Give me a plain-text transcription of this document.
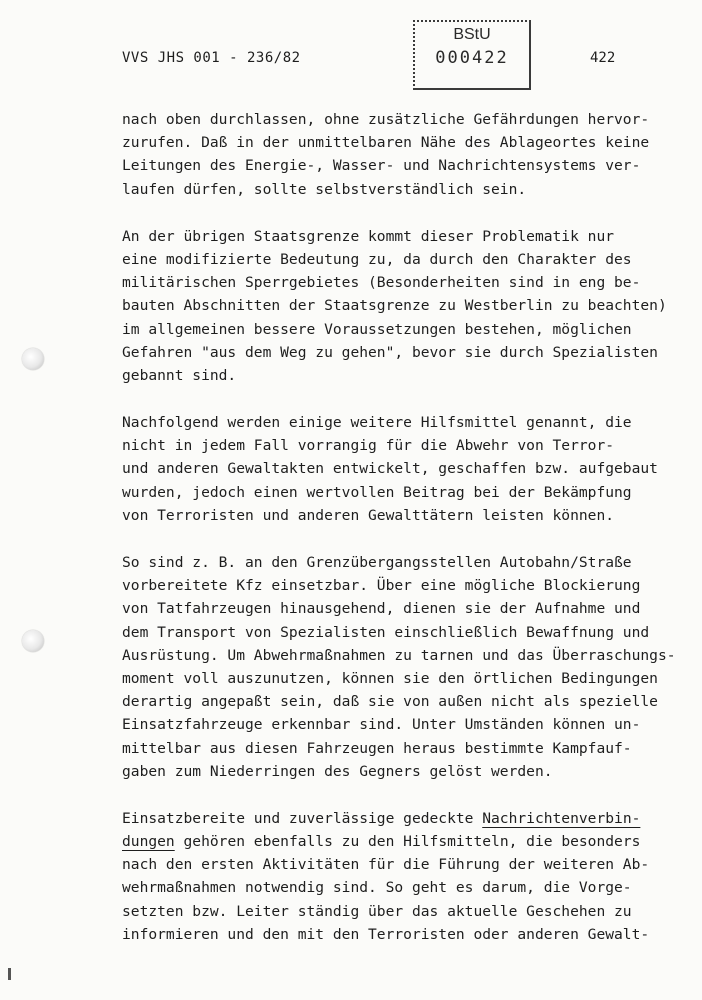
VVS JHS 001 - 236/82
BStU
000422	422
nach oben durchlassen, ohne zusätzliche Gefährdungen hervor-
zurufen. Daß in der unmittelbaren Nähe des Ablageortes keine
Leitungen des Energie-, Wasser- und Nachrichtensystems ver-
laufen dürfen, sollte selbstverständlich sein.
An der übrigen Staatsgrenze kommt dieser Problematik nur
eine modifizierte Bedeutung zu, da durch den Charakter des
militärischen Sperrgebietes (Besonderheiten sind in eng be-
bauten Abschnitten der Staatsgrenze zu Westberlin zu beachten)
im allgemeinen bessere Voraussetzungen bestehen, möglichen
Gefahren "aus dem Weg zu gehen", bevor sie durch Spezialisten
gebannt sind.
Nachfolgend werden einige weitere Hilfsmittel genannt, die
nicht in jedem Fall vorrangig für die Abwehr von Terror-
und anderen Gewaltakten entwickelt, geschaffen bzw. aufgebaut
wurden, jedoch einen wertvollen Beitrag bei der Bekämpfung
von Terroristen und anderen Gewalttätern leisten können.
So sind z. B. an den Grenzübergangsstellen Autobahn/Straße
vorbereitete Kfz einsetzbar. Über eine mögliche Blockierung
von Tatfahrzeugen hinausgehend, dienen sie der Aufnahme und
dem Transport von Spezialisten einschließlich Bewaffnung und
Ausrüstung. Um Abwehrmaßnahmen zu tarnen und das Überraschungs-
moment voll auszunutzen, können sie den örtlichen Bedingungen
derartig angepaßt sein, daß sie von außen nicht als spezielle
Einsatzfahrzeuge erkennbar sind. Unter Umständen können un-
mittelbar aus diesen Fahrzeugen heraus bestimmte Kampfauf-
gaben zum Niederringen des Gegners gelöst werden.
Einsatzbereite und zuverlässige gedeckte Nachrichtenverbin-
dungen gehören ebenfalls zu den Hilfsmitteln, die besonders
nach den ersten Aktivitäten für die Führung der weiteren Ab-
wehrmaßnahmen notwendig sind. So geht es darum, die Vorge-
setzten bzw. Leiter ständig über das aktuelle Geschehen zu
informieren und den mit den Terroristen oder anderen Gewalt-
